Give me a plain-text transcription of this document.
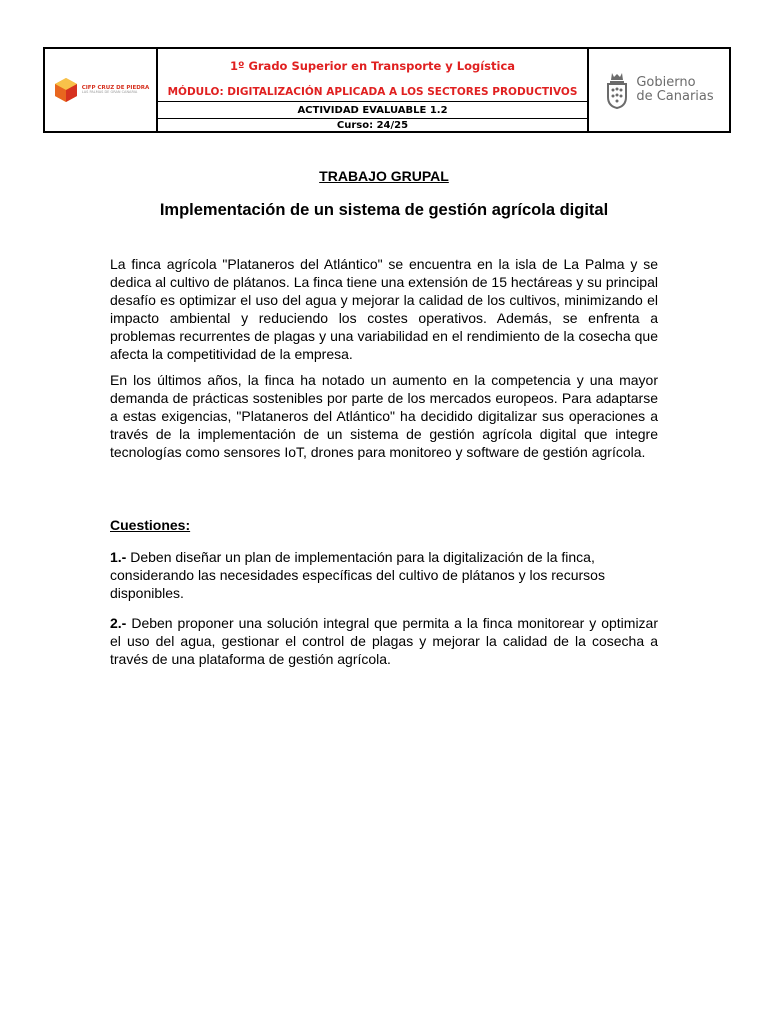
CIFP CRUZ DE PIEDRA
LAS PALMAS DE GRAN CANARIA
1º Grado Superior en Transporte y Logística
MÓDULO: DIGITALIZACIÓN APLICADA A LOS SECTORES PRODUCTIVOS
ACTIVIDAD EVALUABLE 1.2
Curso: 24/25
Gobierno
de Canarias
TRABAJO GRUPAL
Implementación de un sistema de gestión agrícola digital
La finca agrícola "Plataneros del Atlántico" se encuentra en la isla de La Palma y se dedica al cultivo de plátanos. La finca tiene una extensión de 15 hectáreas y su principal desafío es optimizar el uso del agua y mejorar la calidad de los cultivos, minimizando el impacto ambiental y reduciendo los costes operativos. Además, se enfrenta a problemas recurrentes de plagas y una variabilidad en el rendimiento de la cosecha que afecta la competitividad de la empresa.
En los últimos años, la finca ha notado un aumento en la competencia y una mayor demanda de prácticas sostenibles por parte de los mercados europeos. Para adaptarse a estas exigencias, "Plataneros del Atlántico" ha decidido digitalizar sus operaciones a través de la implementación de un sistema de gestión agrícola digital que integre tecnologías como sensores IoT, drones para monitoreo y software de gestión agrícola.
Cuestiones:
1.- Deben diseñar un plan de implementación para la digitalización de la finca, considerando las necesidades específicas del cultivo de plátanos y los recursos disponibles.
2.- Deben proponer una solución integral que permita a la finca monitorear y optimizar el uso del agua, gestionar el control de plagas y mejorar la calidad de la cosecha a través de una plataforma de gestión agrícola.
